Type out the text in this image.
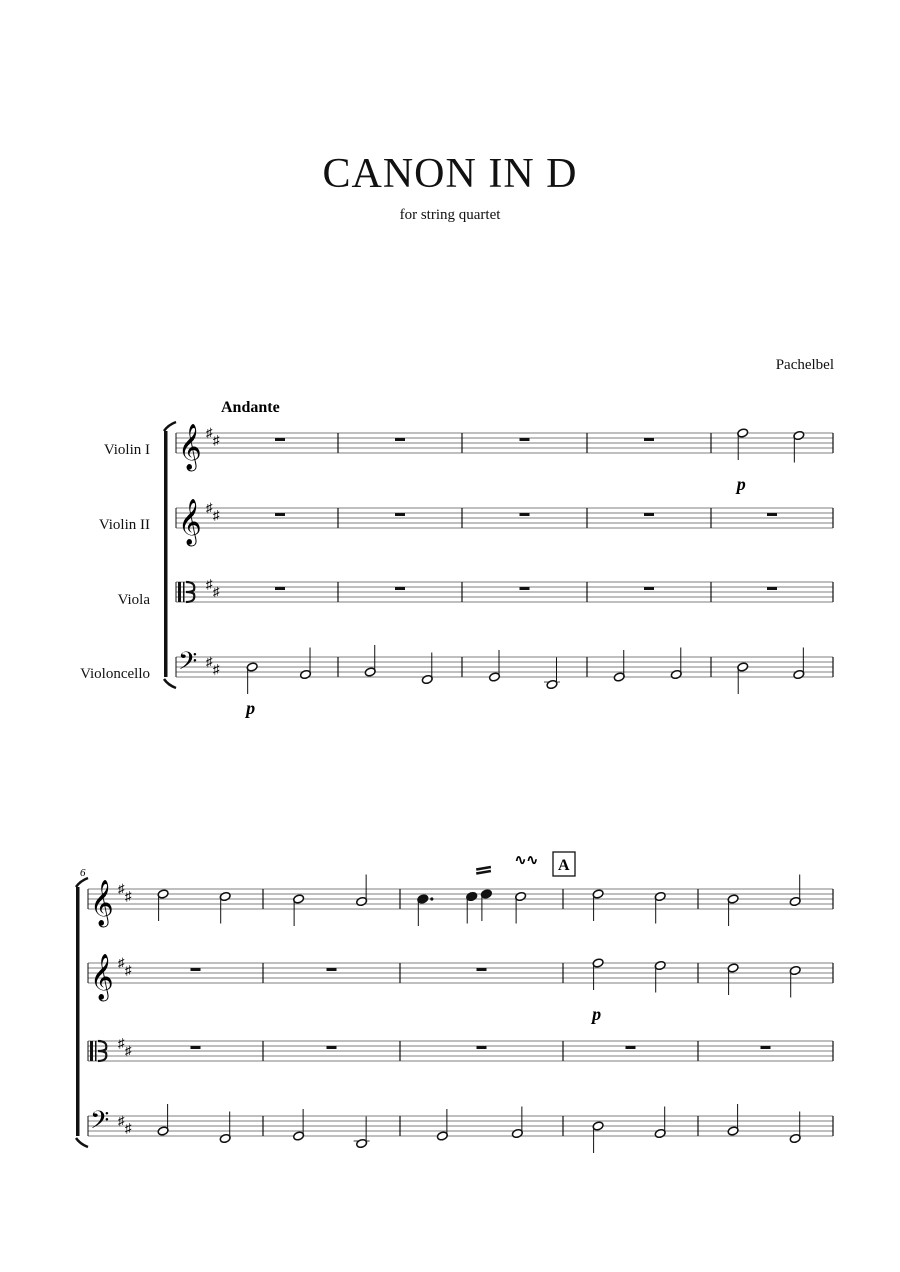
CANON IN D
for string quartet
Pachelbel
Violin I
Violin II
Viola
Violoncello
Andante
𝄞 ♯ ♯
p
𝄞 ♯ ♯
♯ ♯
𝄢 ♯ ♯
p
6	A
𝄞 ♯ ♯
∿∿
𝄞 ♯ ♯
p
♯ ♯
𝄢 ♯ ♯
